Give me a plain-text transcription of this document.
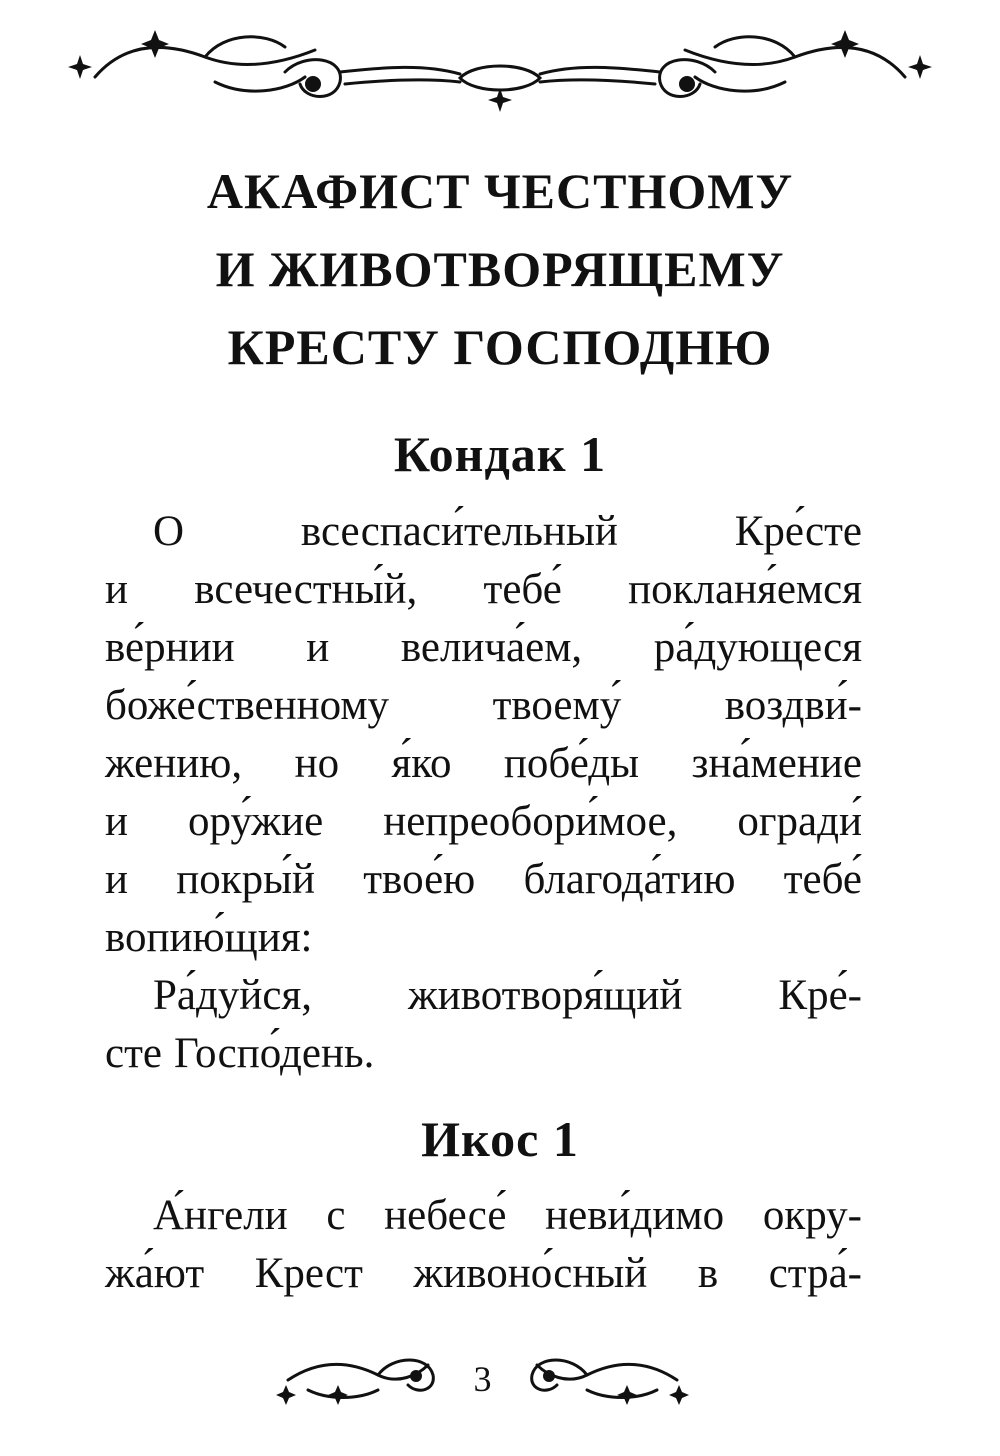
АКАФИСТ ЧЕСТНОМУ
И ЖИВОТВОРЯЩЕМУ
КРЕСТУ ГОСПОДНЮ
Кондак 1
О	всеспаси́тельный	Кре́сте
и всечестны́й, тебе́ покланя́емся
ве́рнии и велича́ем, ра́дующеся
боже́ственному твоему́ воздви́-
жению, но я́ко побе́ды зна́мение
и ору́жие непреобори́мое, огради́
и покры́й твое́ю благода́тию тебе́
вопию́щия:
Ра́дуйся, животворя́щий Кре́-
сте Госпо́день.
Икос 1
А́нгели с небесе́ неви́димо окру-
жа́ют Крест живоно́сный в стра́-
3
